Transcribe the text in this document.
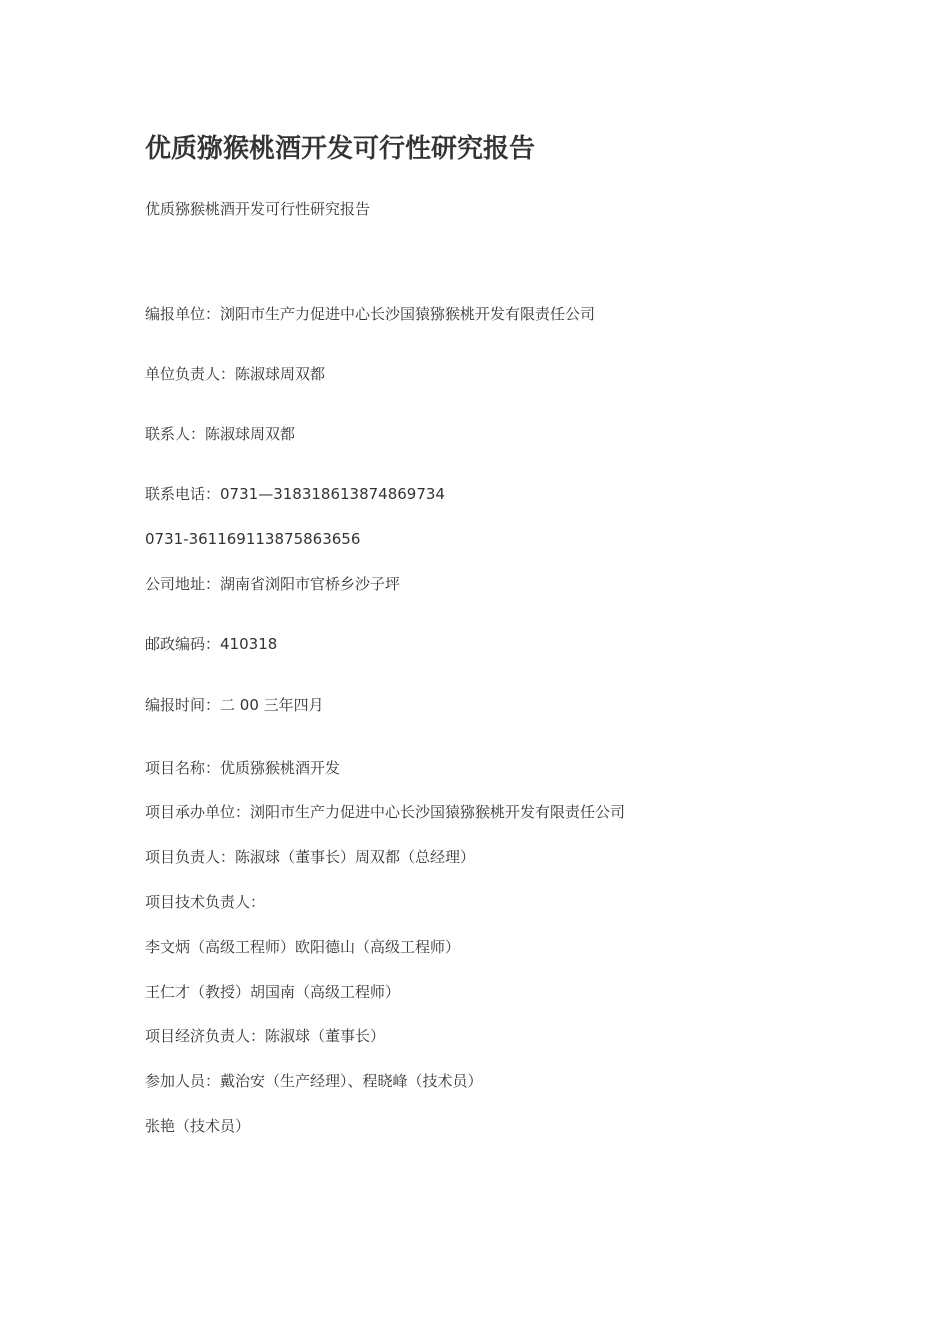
优质猕猴桃酒开发可行性研究报告
优质猕猴桃酒开发可行性研究报告
编报单位：浏阳市生产力促进中心长沙国猿猕猴桃开发有限责任公司
单位负责人：陈淑球周双都
联系人：陈淑球周双都
联系电话：0731—318318613874869734
0731-361169113875863656
公司地址：湖南省浏阳市官桥乡沙子坪
邮政编码：410318
编报时间：二 00 三年四月
项目名称：优质猕猴桃酒开发
项目承办单位：浏阳市生产力促进中心长沙国猿猕猴桃开发有限责任公司
项目负责人：陈淑球（董事长）周双都（总经理）
项目技术负责人：
李文炳（高级工程师）欧阳德山（高级工程师）
王仁才（教授）胡国南（高级工程师）
项目经济负责人：陈淑球（董事长）
参加人员：戴治安（生产经理）、程晓峰（技术员）
张艳（技术员）
